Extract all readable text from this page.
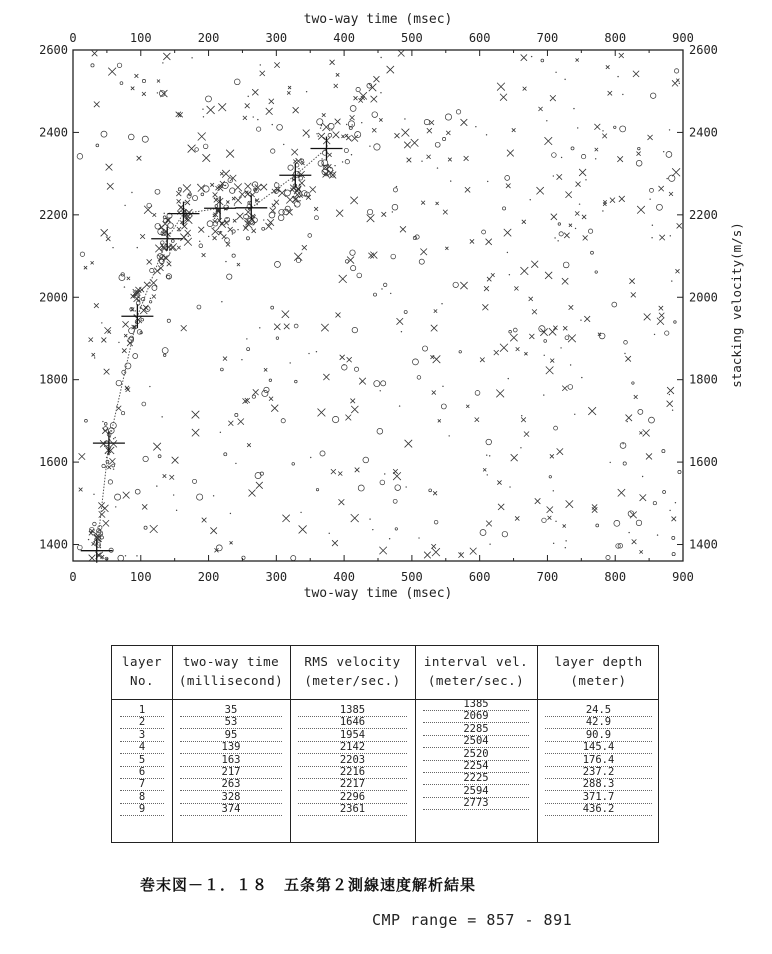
0
0
100
100
200
200
300
300
400
400
500
500
600
600
700
700
800
800
900
900
1400	1400
1600	1600
1800	1800
2000	2000
2200	2200
2400	2400
2600	2600
two-way time (msec)
two-way time (msec)
stacking velocity(m/s)
layer
No.
two-way time
(millisecond)
RMS velocity
(meter/sec.)
interval vel.
(meter/sec.)
layer depth
(meter)
1	35	1385	1385	24.5
2	53	1646	2069	42.9
3	95	1954	2285	90.9
4	139	2142	2504	145.4
5	163	2203	2520	176.4
6	217	2216	2254	237.2
7	263	2217	2225	288.3
8	328	2296	2594	371.7
9	374	2361	2773	436.2
巻末図－１．１８　五条第２測線速度解析結果
CMP range = 857 - 891
